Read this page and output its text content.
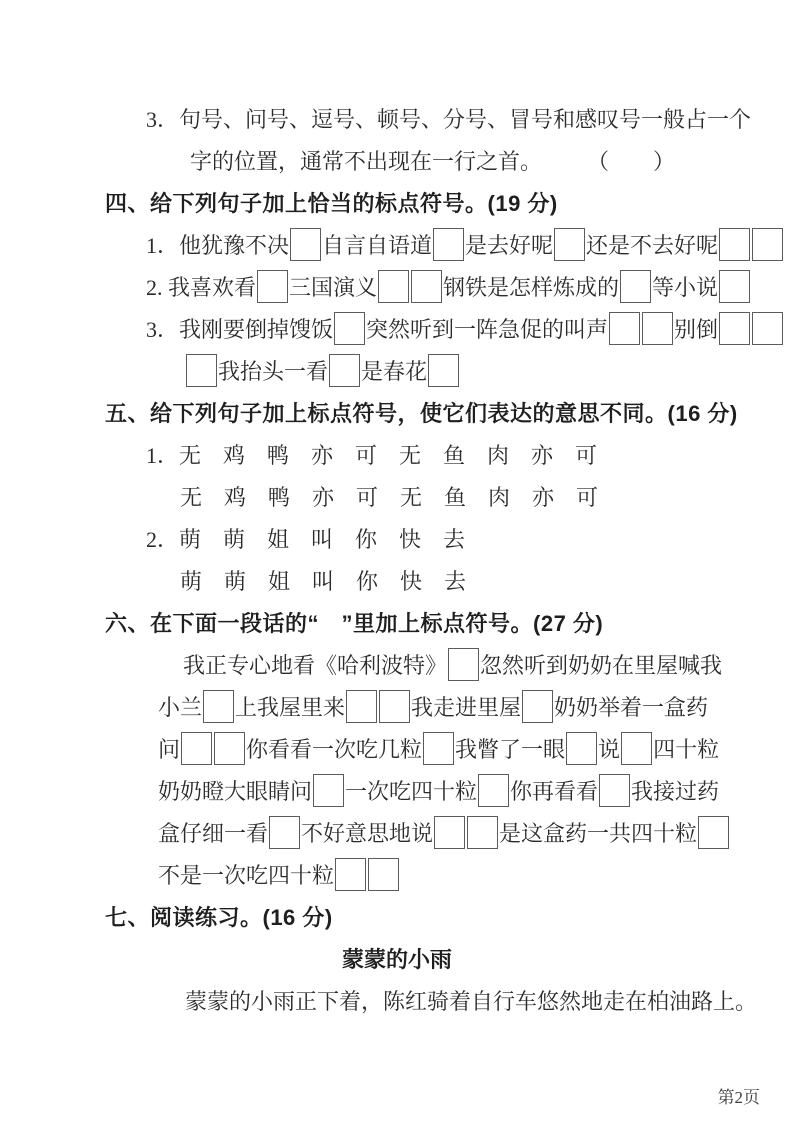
3．句号、问号、逗号、顿号、分号、冒号和感叹号一般占一个
字的位置，通常不出现在一行之首。 （　　）
四、给下列句子加上恰当的标点符号。(19 分)
1．他犹豫不决 自言自语道 是去好呢 还是不去好呢
2. 我喜欢看 三国演义	钢铁是怎样炼成的 等小说
3．我刚要倒掉馊饭 突然听到一阵急促的叫声	别倒
我抬头一看 是春花
五、给下列句子加上标点符号，使它们表达的意思不同。(16 分)
1．无　鸡　鸭　亦　可　无　鱼　肉　亦　可
无　鸡　鸭　亦　可　无　鱼　肉　亦　可
2．萌　萌　姐　叫　你　快　去
萌　萌　姐　叫　你　快　去
六、在下面一段话的“　”里加上标点符号。(27 分)
我正专心地看《哈利波特》 忽然听到奶奶在里屋喊我
小兰 上我屋里来	我走进里屋 奶奶举着一盒药
问	你看看一次吃几粒 我瞥了一眼 说 四十粒
奶奶瞪大眼睛问 一次吃四十粒 你再看看 我接过药
盒仔细一看 不好意思地说	是这盒药一共四十粒
不是一次吃四十粒
七、阅读练习。(16 分)
蒙蒙的小雨
蒙蒙的小雨正下着，陈红骑着自行车悠然地走在柏油路上。
第2页
